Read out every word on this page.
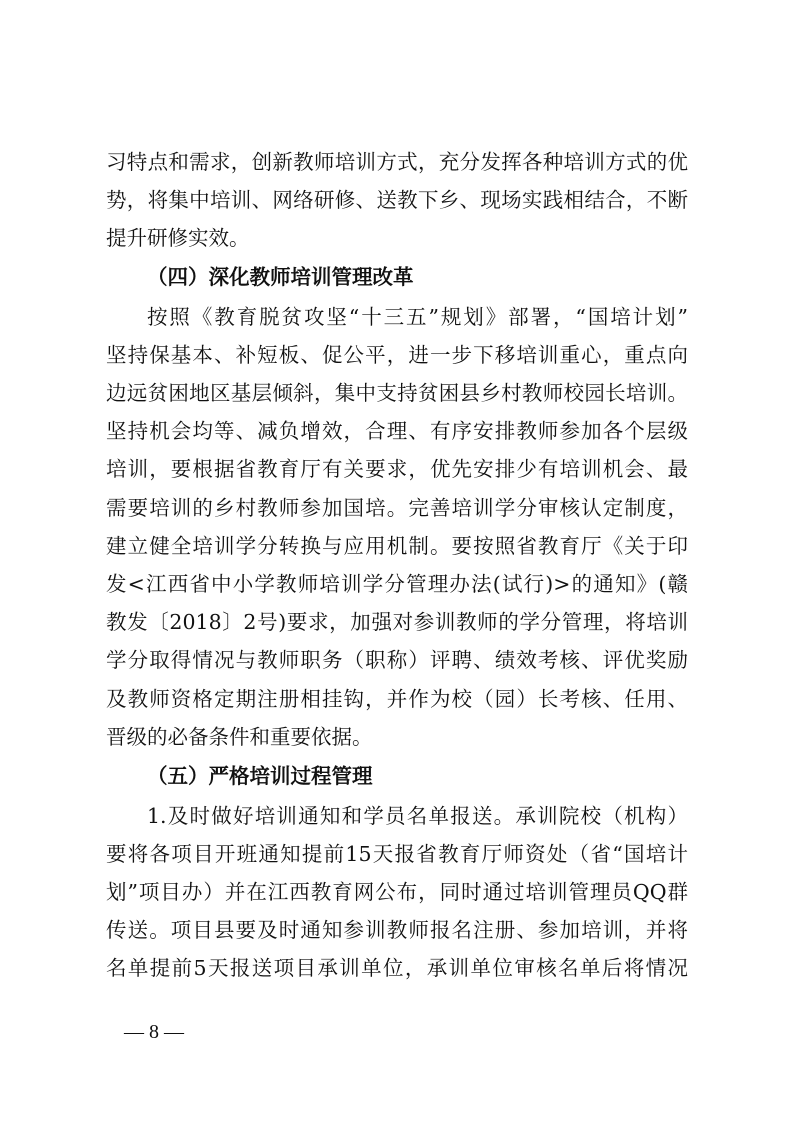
习特点和需求，创新教师培训方式，充分发挥各种培训方式的优
势，将集中培训、网络研修、送教下乡、现场实践相结合，不断
提升研修实效。
（四）深化教师培训管理改革
按照《教育脱贫攻坚“十三五”规划》部署，“国培计划”
坚持保基本、补短板、促公平，进一步下移培训重心，重点向
边远贫困地区基层倾斜，集中支持贫困县乡村教师校园长培训。
坚持机会均等、减负增效，合理、有序安排教师参加各个层级
培训，要根据省教育厅有关要求，优先安排少有培训机会、最
需要培训的乡村教师参加国培。完善培训学分审核认定制度，
建立健全培训学分转换与应用机制。要按照省教育厅《关于印
发<江西省中小学教师培训学分管理办法(试行)>的通知》(赣
教发〔2018〕2号)要求，加强对参训教师的学分管理，将培训
学分取得情况与教师职务（职称）评聘、绩效考核、评优奖励
及教师资格定期注册相挂钩，并作为校（园）长考核、任用、
晋级的必备条件和重要依据。
（五）严格培训过程管理
1.及时做好培训通知和学员名单报送。承训院校（机构）
要将各项目开班通知提前15天报省教育厅师资处（省“国培计
划”项目办）并在江西教育网公布，同时通过培训管理员QQ群
传送。项目县要及时通知参训教师报名注册、参加培训，并将
名单提前5天报送项目承训单位，承训单位审核名单后将情况
— 8 —
